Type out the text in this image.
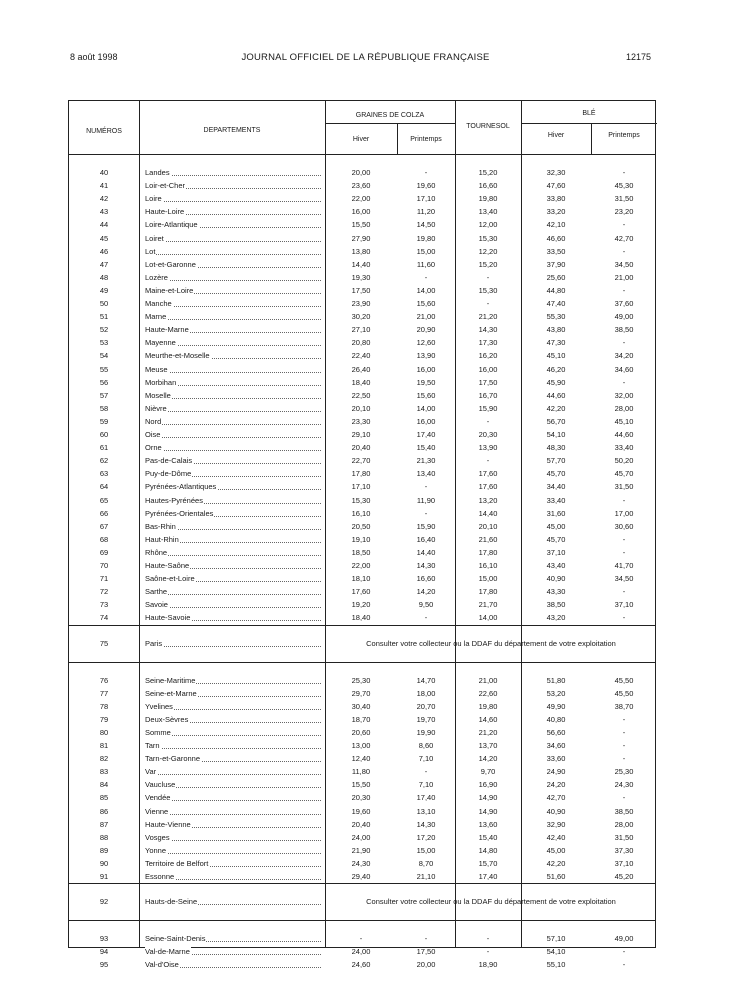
8 août 1998	JOURNAL OFFICIEL DE LA RÉPUBLIQUE FRANÇAISE	12175
NUMÉROS	DEPARTEMENTS
GRAINES DE COLZA
TOURNESOL
BLÉ
Hiver	Printemps
Hiver	Printemps
40	Landes	20,00	-	15,20	32,30	-
41	Loir-et-Cher	23,60	19,60	16,60	47,60	45,30
42	Loire	22,00	17,10	19,80	33,80	31,50
43	Haute-Loire	16,00	11,20	13,40	33,20	23,20
44	Loire-Atlantique	15,50	14,50	12,00	42,10	-
45	Loiret	27,90	19,80	15,30	46,60	42,70
46	Lot	13,80	15,00	12,20	33,50	-
47	Lot-et-Garonne	14,40	11,60	15,20	37,90	34,50
48	Lozère	19,30	-	-	25,60	21,00
49	Maine-et-Loire	17,50	14,00	15,30	44,80	-
50	Manche	23,90	15,60	-	47,40	37,60
51	Marne	30,20	21,00	21,20	55,30	49,00
52	Haute-Marne	27,10	20,90	14,30	43,80	38,50
53	Mayenne	20,80	12,60	17,30	47,30	-
54	Meurthe-et-Moselle	22,40	13,90	16,20	45,10	34,20
55	Meuse	26,40	16,00	16,00	46,20	34,60
56	Morbihan	18,40	19,50	17,50	45,90	-
57	Moselle	22,50	15,60	16,70	44,60	32,00
58	Nièvre	20,10	14,00	15,90	42,20	28,00
59	Nord	23,30	16,00	-	56,70	45,10
60	Oise	29,10	17,40	20,30	54,10	44,60
61	Orne	20,40	15,40	13,90	48,30	33,40
62	Pas-de-Calais	22,70	21,30	-	57,70	50,20
63	Puy-de-Dôme	17,80	13,40	17,60	45,70	45,70
64	Pyrénées-Atlantiques	17,10	-	17,60	34,40	31,50
65	Hautes-Pyrénées	15,30	11,90	13,20	33,40	-
66	Pyrénées-Orientales	16,10	-	14,40	31,60	17,00
67	Bas-Rhin	20,50	15,90	20,10	45,00	30,60
68	Haut-Rhin	19,10	16,40	21,60	45,70	-
69	Rhône	18,50	14,40	17,80	37,10	-
70	Haute-Saône	22,00	14,30	16,10	43,40	41,70
71	Saône-et-Loire	18,10	16,60	15,00	40,90	34,50
72	Sarthe	17,60	14,20	17,80	43,30	-
73	Savoie	19,20	9,50	21,70	38,50	37,10
74	Haute-Savoie	18,40	-	14,00	43,20	-
75	Paris	Consulter votre collecteur ou la DDAF du département de votre exploitation
76	Seine-Maritime	25,30	14,70	21,00	51,80	45,50
77	Seine-et-Marne	29,70	18,00	22,60	53,20	45,50
78	Yvelines	30,40	20,70	19,80	49,90	38,70
79	Deux-Sèvres	18,70	19,70	14,60	40,80	-
80	Somme	20,60	19,90	21,20	56,60	-
81	Tarn	13,00	8,60	13,70	34,60	-
82	Tarn-et-Garonne	12,40	7,10	14,20	33,60	-
83	Var	11,80	-	9,70	24,90	25,30
84	Vaucluse	15,50	7,10	16,90	24,20	24,30
85	Vendée	20,30	17,40	14,90	42,70	-
86	Vienne	19,60	13,10	14,90	40,90	38,50
87	Haute-Vienne	20,40	14,30	13,60	32,90	28,00
88	Vosges	24,00	17,20	15,40	42,40	31,50
89	Yonne	21,90	15,00	14,80	45,00	37,30
90	Territoire de Belfort	24,30	8,70	15,70	42,20	37,10
91	Essonne	29,40	21,10	17,40	51,60	45,20
92	Hauts-de-Seine	Consulter votre collecteur ou la DDAF du département de votre exploitation
93	Seine-Saint-Denis	-	-	-	57,10	49,00
94	Val-de-Marne	24,00	17,50	-	54,10	-
95	Val-d'Oise	24,60	20,00	18,90	55,10	-
